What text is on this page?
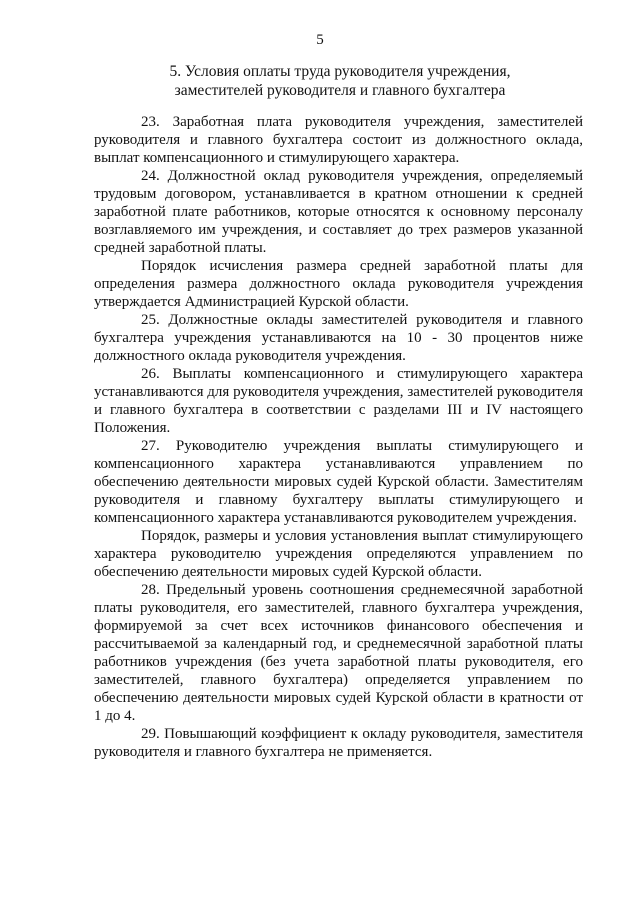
5
5. Условия оплаты труда руководителя учреждения,
заместителей руководителя и главного бухгалтера

23. Заработная плата руководителя учреждения, заместителей руководителя и главного бухгалтера состоит из должностного оклада, выплат компенсационного и стимулирующего характера.

24. Должностной оклад руководителя учреждения, определяемый трудовым договором, устанавливается в кратном отношении к средней заработной плате работников, которые относятся к основному персоналу возглавляемого им учреждения, и составляет до трех размеров указанной средней заработной платы.

Порядок исчисления размера средней заработной платы для определения размера должностного оклада руководителя учреждения утверждается Администрацией Курской области.

25. Должностные оклады заместителей руководителя и главного бухгалтера учреждения устанавливаются на 10 - 30 процентов ниже должностного оклада руководителя учреждения.

26. Выплаты компенсационного и стимулирующего характера устанавливаются для руководителя учреждения, заместителей руководителя и главного бухгалтера в соответствии с разделами III и IV настоящего Положения.

27. Руководителю учреждения выплаты стимулирующего и компенсационного характера устанавливаются управлением по обеспечению деятельности мировых судей Курской области. Заместителям руководителя и главному бухгалтеру выплаты стимулирующего и компенсационного характера устанавливаются руководителем учреждения.

Порядок, размеры и условия установления выплат стимулирующего характера руководителю учреждения определяются управлением по обеспечению деятельности мировых судей Курской области.

28. Предельный уровень соотношения среднемесячной заработной платы руководителя, его заместителей, главного бухгалтера учреждения, формируемой за счет всех источников финансового обеспечения и рассчитываемой за календарный год, и среднемесячной заработной платы работников учреждения (без учета заработной платы руководителя, его заместителей, главного бухгалтера) определяется управлением по обеспечению деятельности мировых судей Курской области в кратности от 1 до 4.

29. Повышающий коэффициент к окладу руководителя, заместителя руководителя и главного бухгалтера не применяется.
